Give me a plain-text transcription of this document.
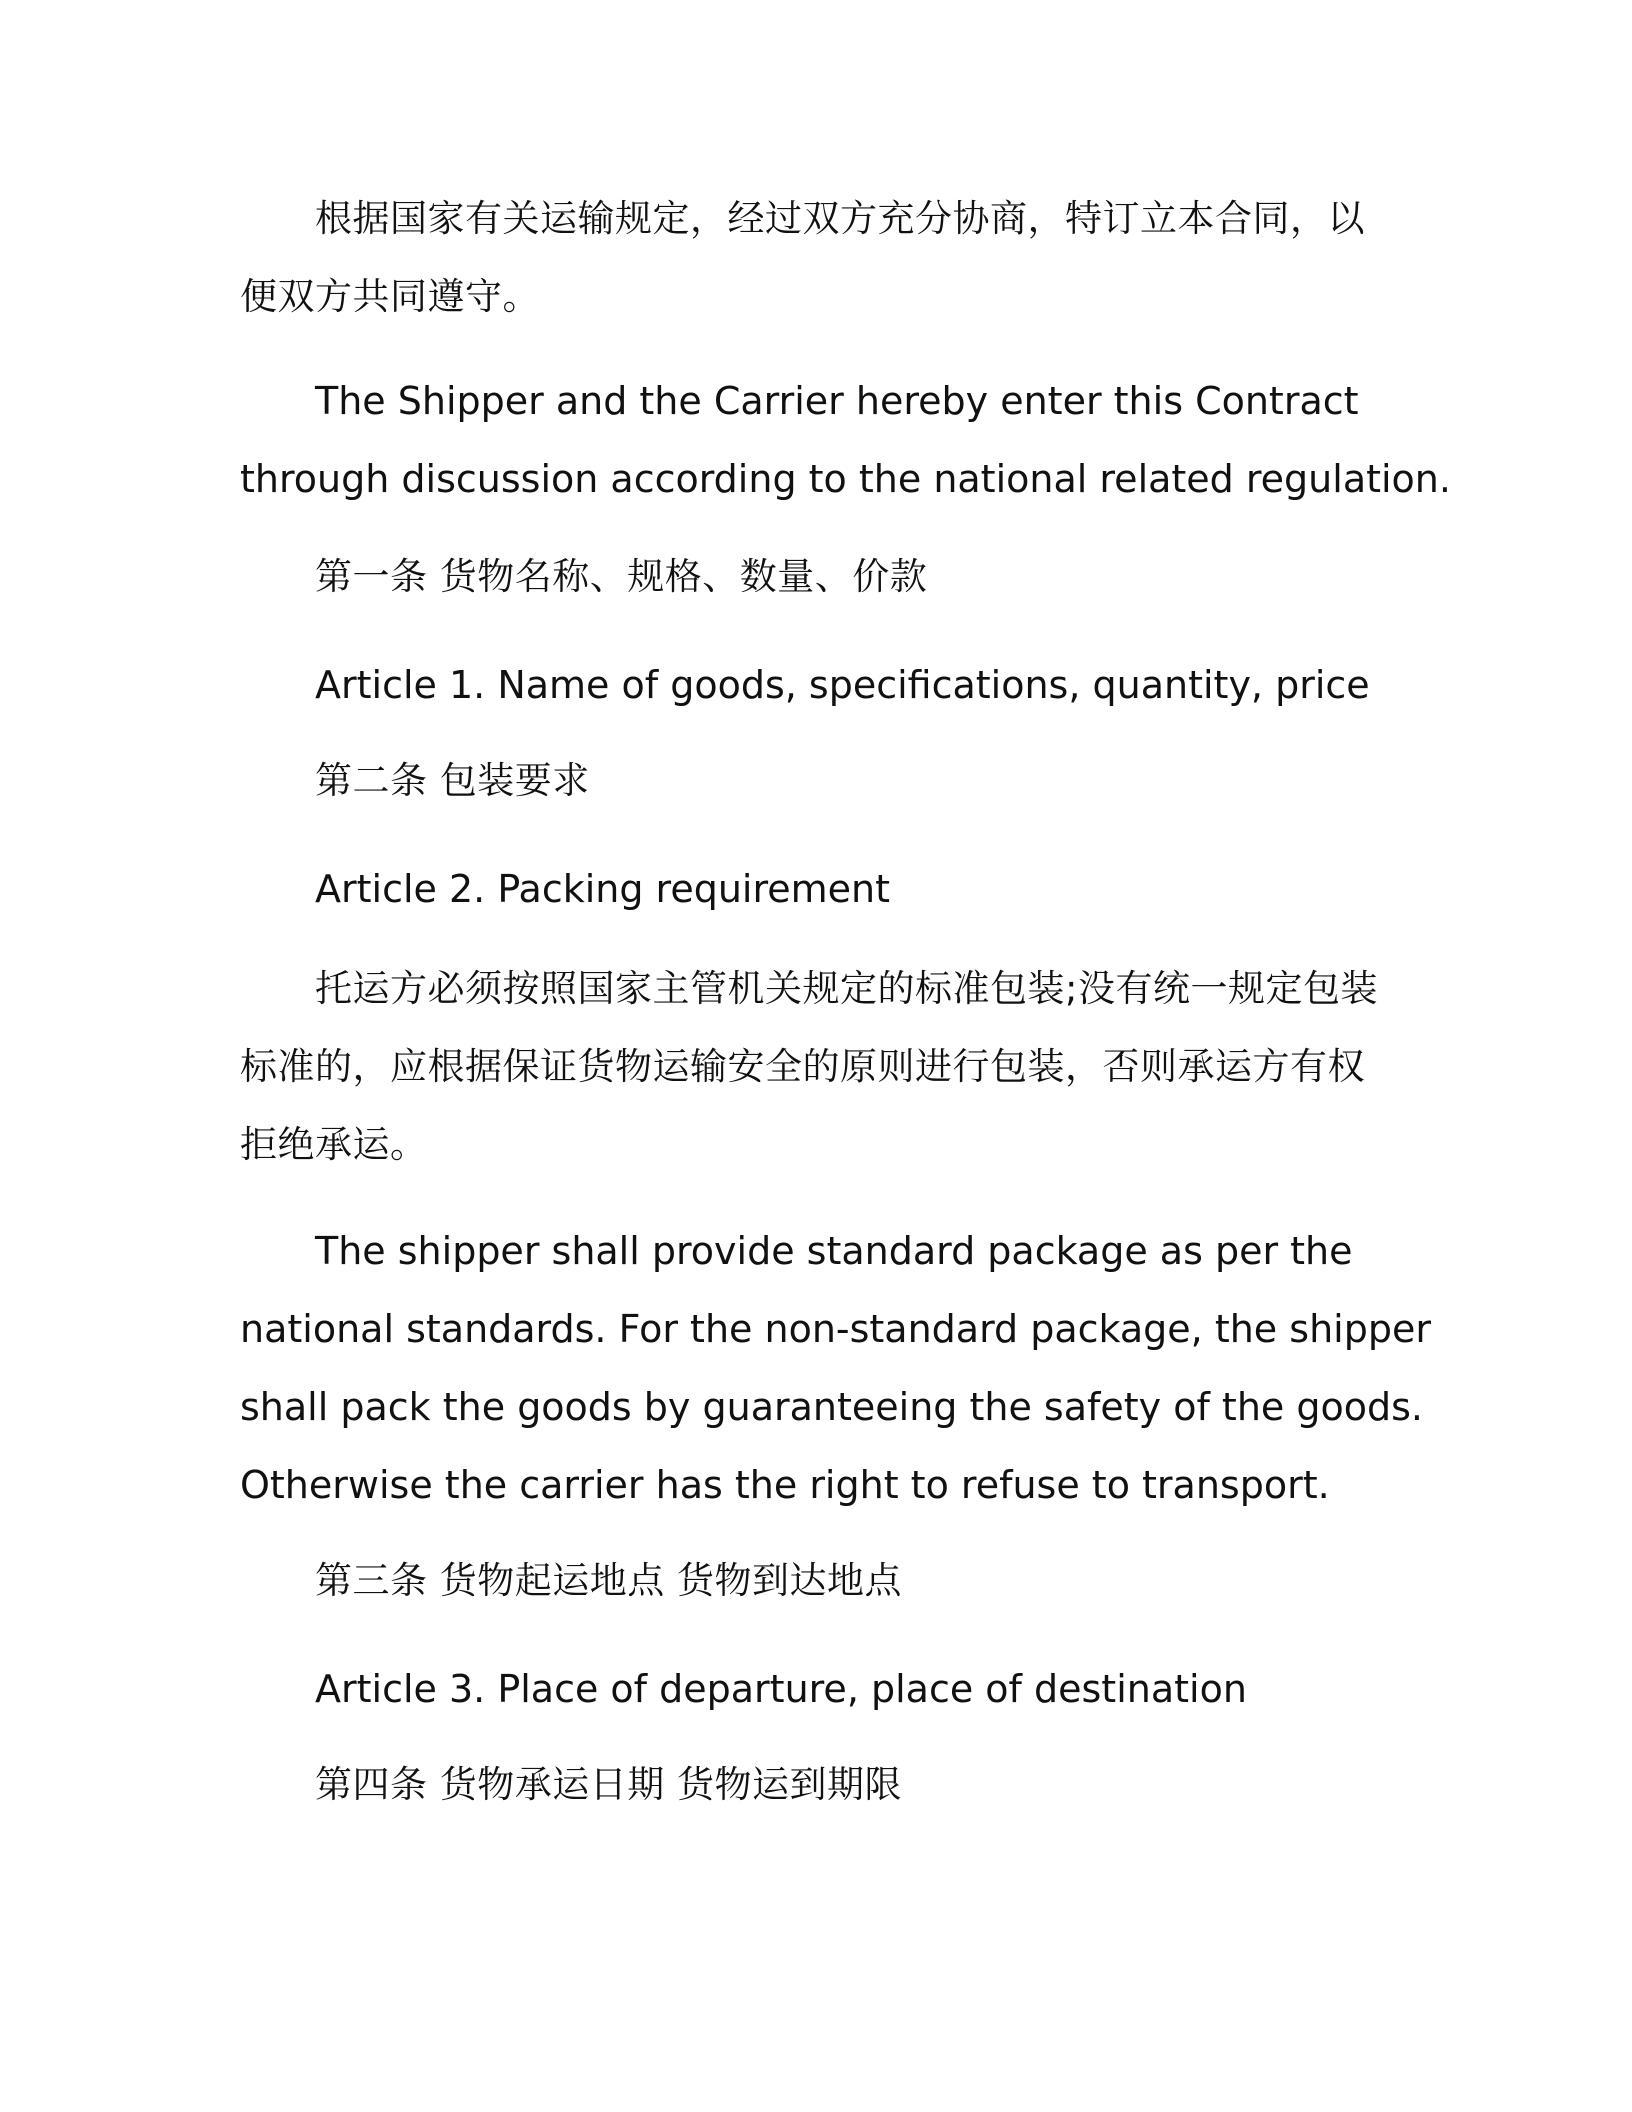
根据国家有关运输规定，经过双方充分协商，特订立本合同，以
便双方共同遵守。
The Shipper and the Carrier hereby enter this Contract
through discussion according to the national related regulation.
第一条 货物名称、规格、数量、价款
Article 1. Name of goods, specifications, quantity, price
第二条 包装要求
Article 2. Packing requirement
托运方必须按照国家主管机关规定的标准包装;没有统一规定包装
标准的，应根据保证货物运输安全的原则进行包装，否则承运方有权
拒绝承运。
The shipper shall provide standard package as per the
national standards. For the non-standard package, the shipper
shall pack the goods by guaranteeing the safety of the goods.
Otherwise the carrier has the right to refuse to transport.
第三条 货物起运地点 货物到达地点
Article 3. Place of departure, place of destination
第四条 货物承运日期 货物运到期限
